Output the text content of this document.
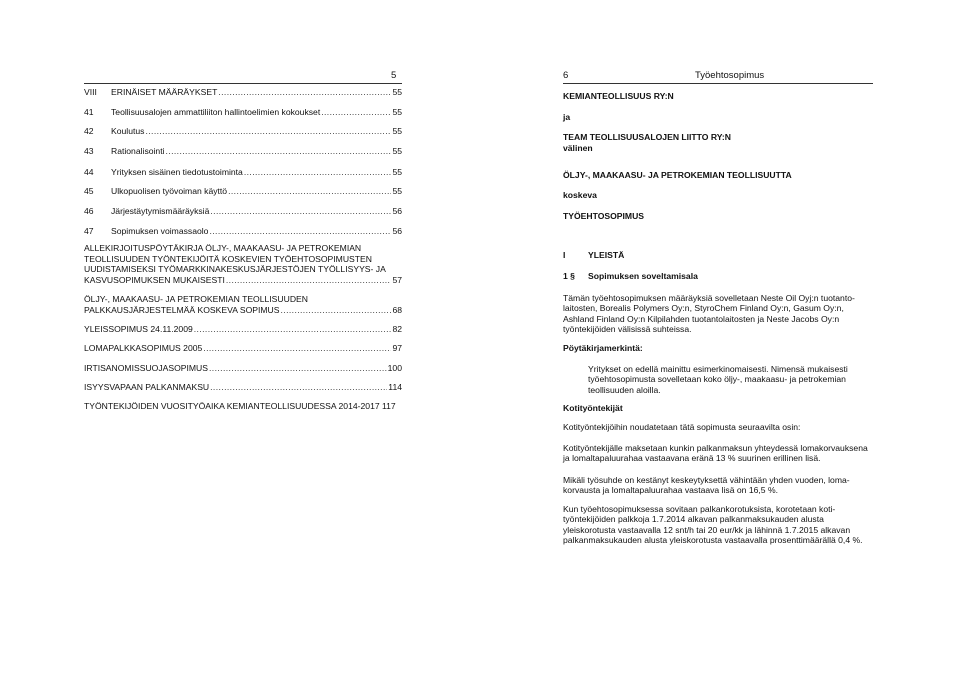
5
VIII	ERINÄISET MÄÄRÄYKSET .....	55
41	Teollisuusalojen ammattiliiton hallintoelimien kokoukset .....	55
42	Koulutus .....	55
43	Rationalisointi .....	55
44	Yrityksen sisäinen tiedotustoiminta .....	55
45	Ulkopuolisen työvoiman käyttö .....	55
46	Järjestäytymismääräyksiä .....	56
47	Sopimuksen voimassaolo .....	56
ALLEKIRJOITUSPÖYTÄKIRJA ÖLJY-, MAAKAASU- JA PETROKEMIAN
TEOLLISUUDEN TYÖNTEKIJÖITÄ KOSKEVIEN TYÖEHTOSOPIMUSTEN
UUDISTAMISEKSI TYÖMARKKINAKESKUSJÄRJESTÖJEN TYÖLLISYYS- JA
KASVUSOPIMUKSEN MUKAISESTI .....	57
ÖLJY-, MAAKAASU- JA PETROKEMIAN TEOLLISUUDEN
PALKKAUSJÄRJESTELMÄÄ KOSKEVA SOPIMUS .....	68
YLEISSOPIMUS 24.11.2009 .....	82
LOMAPALKKASOPIMUS 2005 .....	97
IRTISANOMISSUOJASOPIMUS .....	100
ISYYSVAPAAN PALKANMAKSU .....	114
TYÖNTEKIJÖIDEN VUOSITYÖAIKA KEMIANTEOLLISUUDESSA 2014-2017 117
6	Työehtosopimus
KEMIANTEOLLISUUS RY:N
ja
TEAM TEOLLISUUSALOJEN LIITTO RY:N
välinen
ÖLJY-, MAAKAASU- JA PETROKEMIAN TEOLLISUUTTA
koskeva
TYÖEHTOSOPIMUS
I	YLEISTÄ
1 §	Sopimuksen soveltamisala
Tämän työehtosopimuksen määräyksiä sovelletaan Neste Oil Oyj:n tuotanto-
laitosten, Borealis Polymers Oy:n, StyroChem Finland Oy:n, Gasum Oy:n,
Ashland Finland Oy:n Kilpilahden tuotantolaitosten ja Neste Jacobs Oy:n
työntekijöiden välisissä suhteissa.
Pöytäkirjamerkintä:
Yritykset on edellä mainittu esimerkinomaisesti. Nimensä mukaisesti
työehtosopimusta sovelletaan koko öljy-, maakaasu- ja petrokemian
teollisuuden aloilla.
Kotityöntekijät
Kotityöntekijöihin noudatetaan tätä sopimusta seuraavilta osin:
Kotityöntekijälle maksetaan kunkin palkanmaksun yhteydessä lomakorvauksena
ja lomaltapaluurahaa vastaavana eränä 13 % suurinen erillinen lisä.
Mikäli työsuhde on kestänyt keskeytyksettä vähintään yhden vuoden, loma-
korvausta ja lomaltapaluurahaa vastaava lisä on 16,5 %.
Kun työehtosopimuksessa sovitaan palkankorotuksista, korotetaan koti-
työntekijöiden palkkoja 1.7.2014 alkavan palkanmaksukauden alusta
yleiskorotusta vastaavalla 12 snt/h tai 20 eur/kk ja lähinnä 1.7.2015 alkavan
palkanmaksukauden alusta yleiskorotusta vastaavalla prosenttimäärällä 0,4 %.
